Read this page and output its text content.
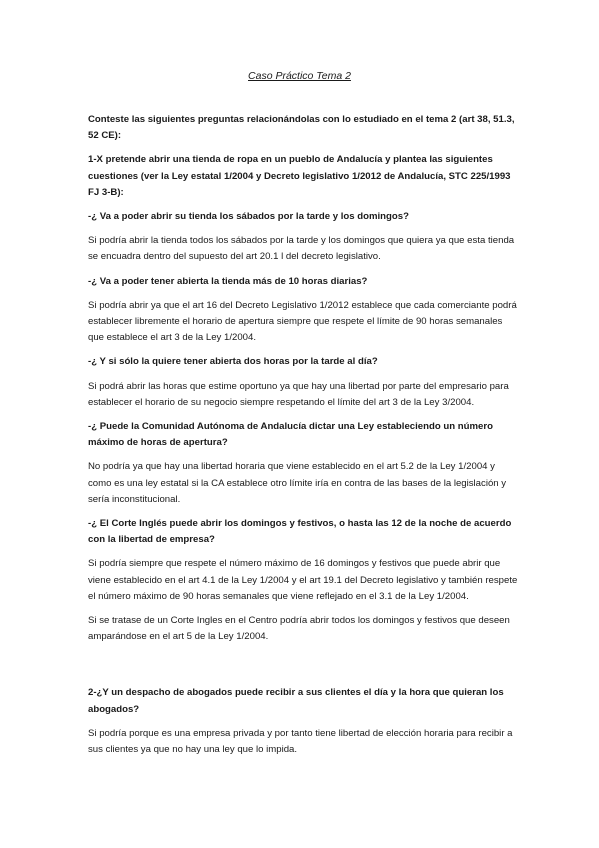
Caso Práctico Tema 2

Conteste las siguientes preguntas relacionándolas con lo estudiado en el tema 2 (art 38, 51.3, 52 CE):

1-X pretende abrir una tienda de ropa en un pueblo de Andalucía y plantea las siguientes cuestiones (ver la Ley estatal 1/2004 y Decreto legislativo 1/2012 de Andalucía, STC 225/1993 FJ 3-B):

-¿ Va a poder abrir su tienda los sábados por la tarde y los domingos?

Si podría abrir la tienda todos los sábados por la tarde y los domingos que quiera ya que esta tienda se encuadra dentro del supuesto del art 20.1 l del decreto legislativo.

-¿ Va a poder tener abierta la tienda más de 10 horas diarias?

Si podría abrir ya que el art 16 del Decreto Legislativo 1/2012 establece que cada comerciante podrá establecer libremente el horario de apertura siempre que respete el límite de 90 horas semanales que establece el art 3 de la Ley 1/2004.

-¿ Y si sólo la quiere tener abierta dos horas por la tarde al día?

Si podrá abrir las horas que estime oportuno ya que hay una libertad por parte del empresario para establecer el horario de su negocio siempre respetando el límite del art 3 de la Ley 3/2004.

-¿ Puede la Comunidad Autónoma de Andalucía dictar una Ley estableciendo un número máximo de horas de apertura?

No podría ya que hay una libertad horaria que viene establecido en el art 5.2 de la Ley 1/2004 y como es una ley estatal si la CA establece otro límite iría en contra de las bases de la legislación y sería inconstitucional.

-¿ El Corte Inglés puede abrir los domingos y festivos, o hasta las 12 de la noche de acuerdo con la libertad de empresa?

Si podría siempre que respete el número máximo de 16 domingos y festivos que puede abrir que viene establecido en el art 4.1 de la Ley 1/2004 y el art 19.1 del Decreto legislativo y también respete el número máximo de 90 horas semanales que viene reflejado en el 3.1 de la Ley 1/2004.

Si se tratase de un Corte Ingles en el Centro podría abrir todos los domingos y festivos que deseen amparándose en el art 5 de la Ley 1/2004.

2-¿Y un despacho de abogados puede recibir a sus clientes el día y la hora que quieran los abogados?

Si podría porque es una empresa privada y por tanto tiene libertad de elección horaria para recibir a sus clientes ya que no hay una ley que lo impida.
